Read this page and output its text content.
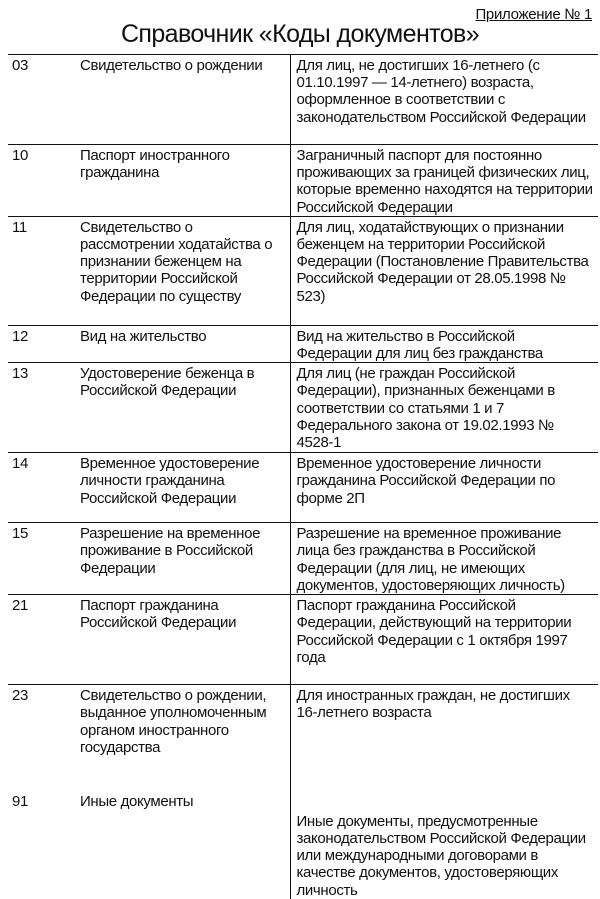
Приложение № 1
Справочник «Коды документов»
03	Свидетельство о рождении	Для лиц, не достигших 16-летнего (с 01.10.1997 — 14-летнего) возраста, оформленное в соответствии с законодательством Российской Федерации
10	Паспорт иностранного гражданина	Заграничный паспорт для постоянно проживающих за границей физических лиц, которые временно находятся на территории Российской Федерации
11	Свидетельство о рассмотрении ходатайства о признании беженцем на территории Российской Федерации по существу	Для лиц, ходатайствующих о признании беженцем на территории Российской Федерации (Постановление Правительства Российской Федерации от 28.05.1998 № 523)
12	Вид на жительство	Вид на жительство в Российской Федерации для лиц без гражданства
13	Удостоверение беженца в Российской Федерации	Для лиц (не граждан Российской Федерации), признанных беженцами в соответствии со статьями 1 и 7 Федерального закона от 19.02.1993 № 4528-1
14	Временное удостоверение личности гражданина Российской Федерации	Временное удостоверение личности гражданина Российской Федерации по форме 2П
15	Разрешение на временное проживание в Российской Федерации	Разрешение на временное проживание лица без гражданства в Российской Федерации (для лиц, не имеющих документов, удостоверяющих личность)
21	Паспорт гражданина Российской Федерации	Паспорт гражданина Российской Федерации, действующий на территории Российской Федерации с 1 октября 1997 года
23	Свидетельство о рождении, выданное уполномоченным органом иностранного государства	Для иностранных граждан, не достигших 16-летнего возраста
91	Иные документы	Иные документы, предусмотренные законодательством Российской Федерации или международными договорами в качестве документов, удостоверяющих личность
